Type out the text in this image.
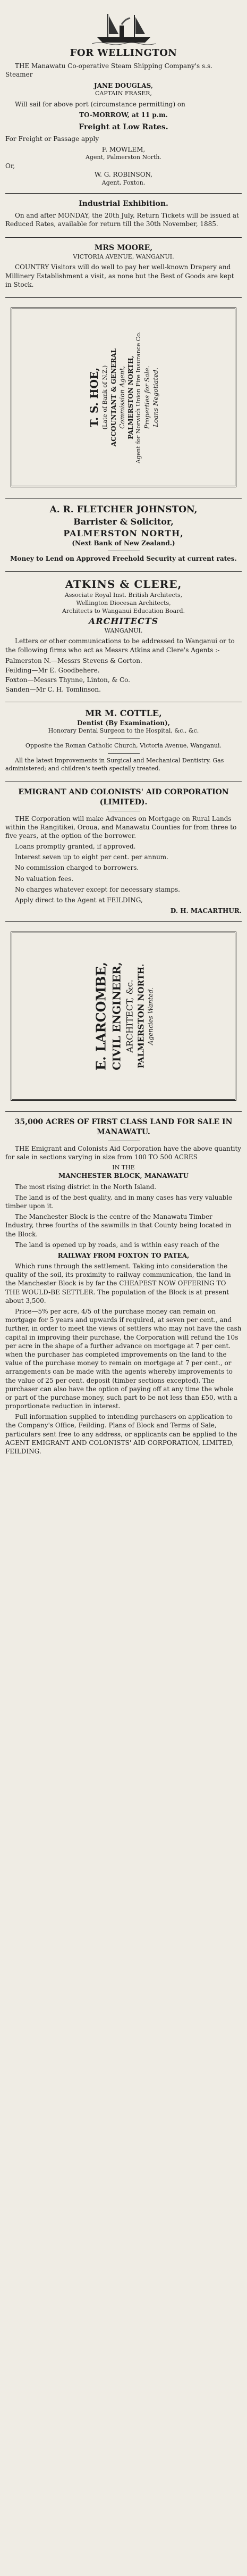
FOR WELLINGTON

THE Manawatu Co-operative Steam Shipping Company's s.s. Steamer

JANE DOUGLAS,
CAPTAIN FRASER,

Will sail for above port (circumstance permitting) on

TO-MORROW, at 11 p.m.
Freight at Low Rates.

For Freight or Passage apply

F. MOWLEM,
Agent, Palmerston North.
Or,
W. G. ROBINSON,
Agent, Foxton.
Industrial Exhibition.

On and after MONDAY, the 20th July, Return Tickets will be issued at Reduced Rates, available for return till the 30th November, 1885.

MRS MOORE,
VICTORIA AVENUE, WANGANUI.

COUNTRY Visitors will do well to pay her well-known Drapery and Millinery Establishment a visit, as none but the Best of Goods are kept in Stock.

T. S. HOE, (Late of Bank of N.Z.) ACCOUNTANT & GENERAL Commission Agent, PALMERSTON NORTH, Agent for Norwich Union Fire Insurance Co. Properties for Sale. Loans Negotiated.
A. R. FLETCHER JOHNSTON,
Barrister & Solicitor,
PALMERSTON NORTH,
(Next Bank of New Zealand.)

Money to Lend on Approved Freehold Security at current rates.

ATKINS & CLERE,
Associate Royal Inst. British Architects,
Wellington Diocesan Architects,
Architects to Wanganui Education Board.
ARCHITECTS
WANGANUI.

Letters or other communications to be addressed to Wanganui or to the following firms who act as Messrs Atkins and Clere's Agents :-

Palmerston N.—Messrs Stevens & Gorton.
Feilding—Mr E. Goodbehere.
Foxton—Messrs Thynne, Linton, & Co.
Sanden—Mr C. H. Tomlinson.
MR M. COTTLE,
Dentist (By Examination),
Honorary Dental Surgeon to the Hospital, &c., &c.
Opposite the Roman Catholic Church, Victoria Avenue, Wanganui.

All the latest Improvements in Surgical and Mechanical Dentistry. Gas administered; and children's teeth specially treated.

EMIGRANT AND COLONISTS' AID CORPORATION (LIMITED).

THE Corporation will make Advances on Mortgage on Rural Lands within the Rangitikei, Oroua, and Manawatu Counties for from three to five years, at the option of the borrower.

Loans promptly granted, if approved.

Interest seven up to eight per cent. per annum.

No commission charged to borrowers.

No valuation fees.

No charges whatever except for necessary stamps.

Apply direct to the Agent at FEILDING,

D. H. MACARTHUR.
E. LARCOMBE, CIVIL ENGINEER, ARCHITECT, &c. PALMERSTON NORTH. Agencies Wanted.
35,000 ACRES OF FIRST CLASS LAND FOR SALE IN MANAWATU.

THE Emigrant and Colonists Aid Corporation have the above quantity for sale in sections varying in size from 100 TO 500 ACRES

IN THE
MANCHESTER BLOCK, MANAWATU

The most rising district in the North Island.

The land is of the best quality, and in many cases has very valuable timber upon it.

The Manchester Block is the centre of the Manawatu Timber Industry, three fourths of the sawmills in that County being located in the Block.

The land is opened up by roads, and is within easy reach of the

RAILWAY FROM FOXTON TO PATEA,

Which runs through the settlement. Taking into consideration the quality of the soil, its proximity to railway communication, the land in the Manchester Block is by far the CHEAPEST NOW OFFERING TO THE WOULD-BE SETTLER. The population of the Block is at present about 3,500.

Price—5% per acre, 4/5 of the purchase money can remain on mortgage for 5 years and upwards if required, at seven per cent., and further, in order to meet the views of settlers who may not have the cash capital in improving their purchase, the Corporation will refund the 10s per acre in the shape of a further advance on mortgage at 7 per cent. when the purchaser has completed improvements on the land to the value of the purchase money to remain on mortgage at 7 per cent., or arrangements can be made with the agents whereby improvements to the value of 25 per cent. deposit (timber sections excepted). The purchaser can also have the option of paying off at any time the whole or part of the purchase money, such part to be not less than £50, with a proportionate reduction in interest.

Full information supplied to intending purchasers on application to the Company's Office, Feilding. Plans of Block and Terms of Sale, particulars sent free to any address, or applicants can be applied to the AGENT EMIGRANT AND COLONISTS' AID CORPORATION, LIMITED, FEILDING.
